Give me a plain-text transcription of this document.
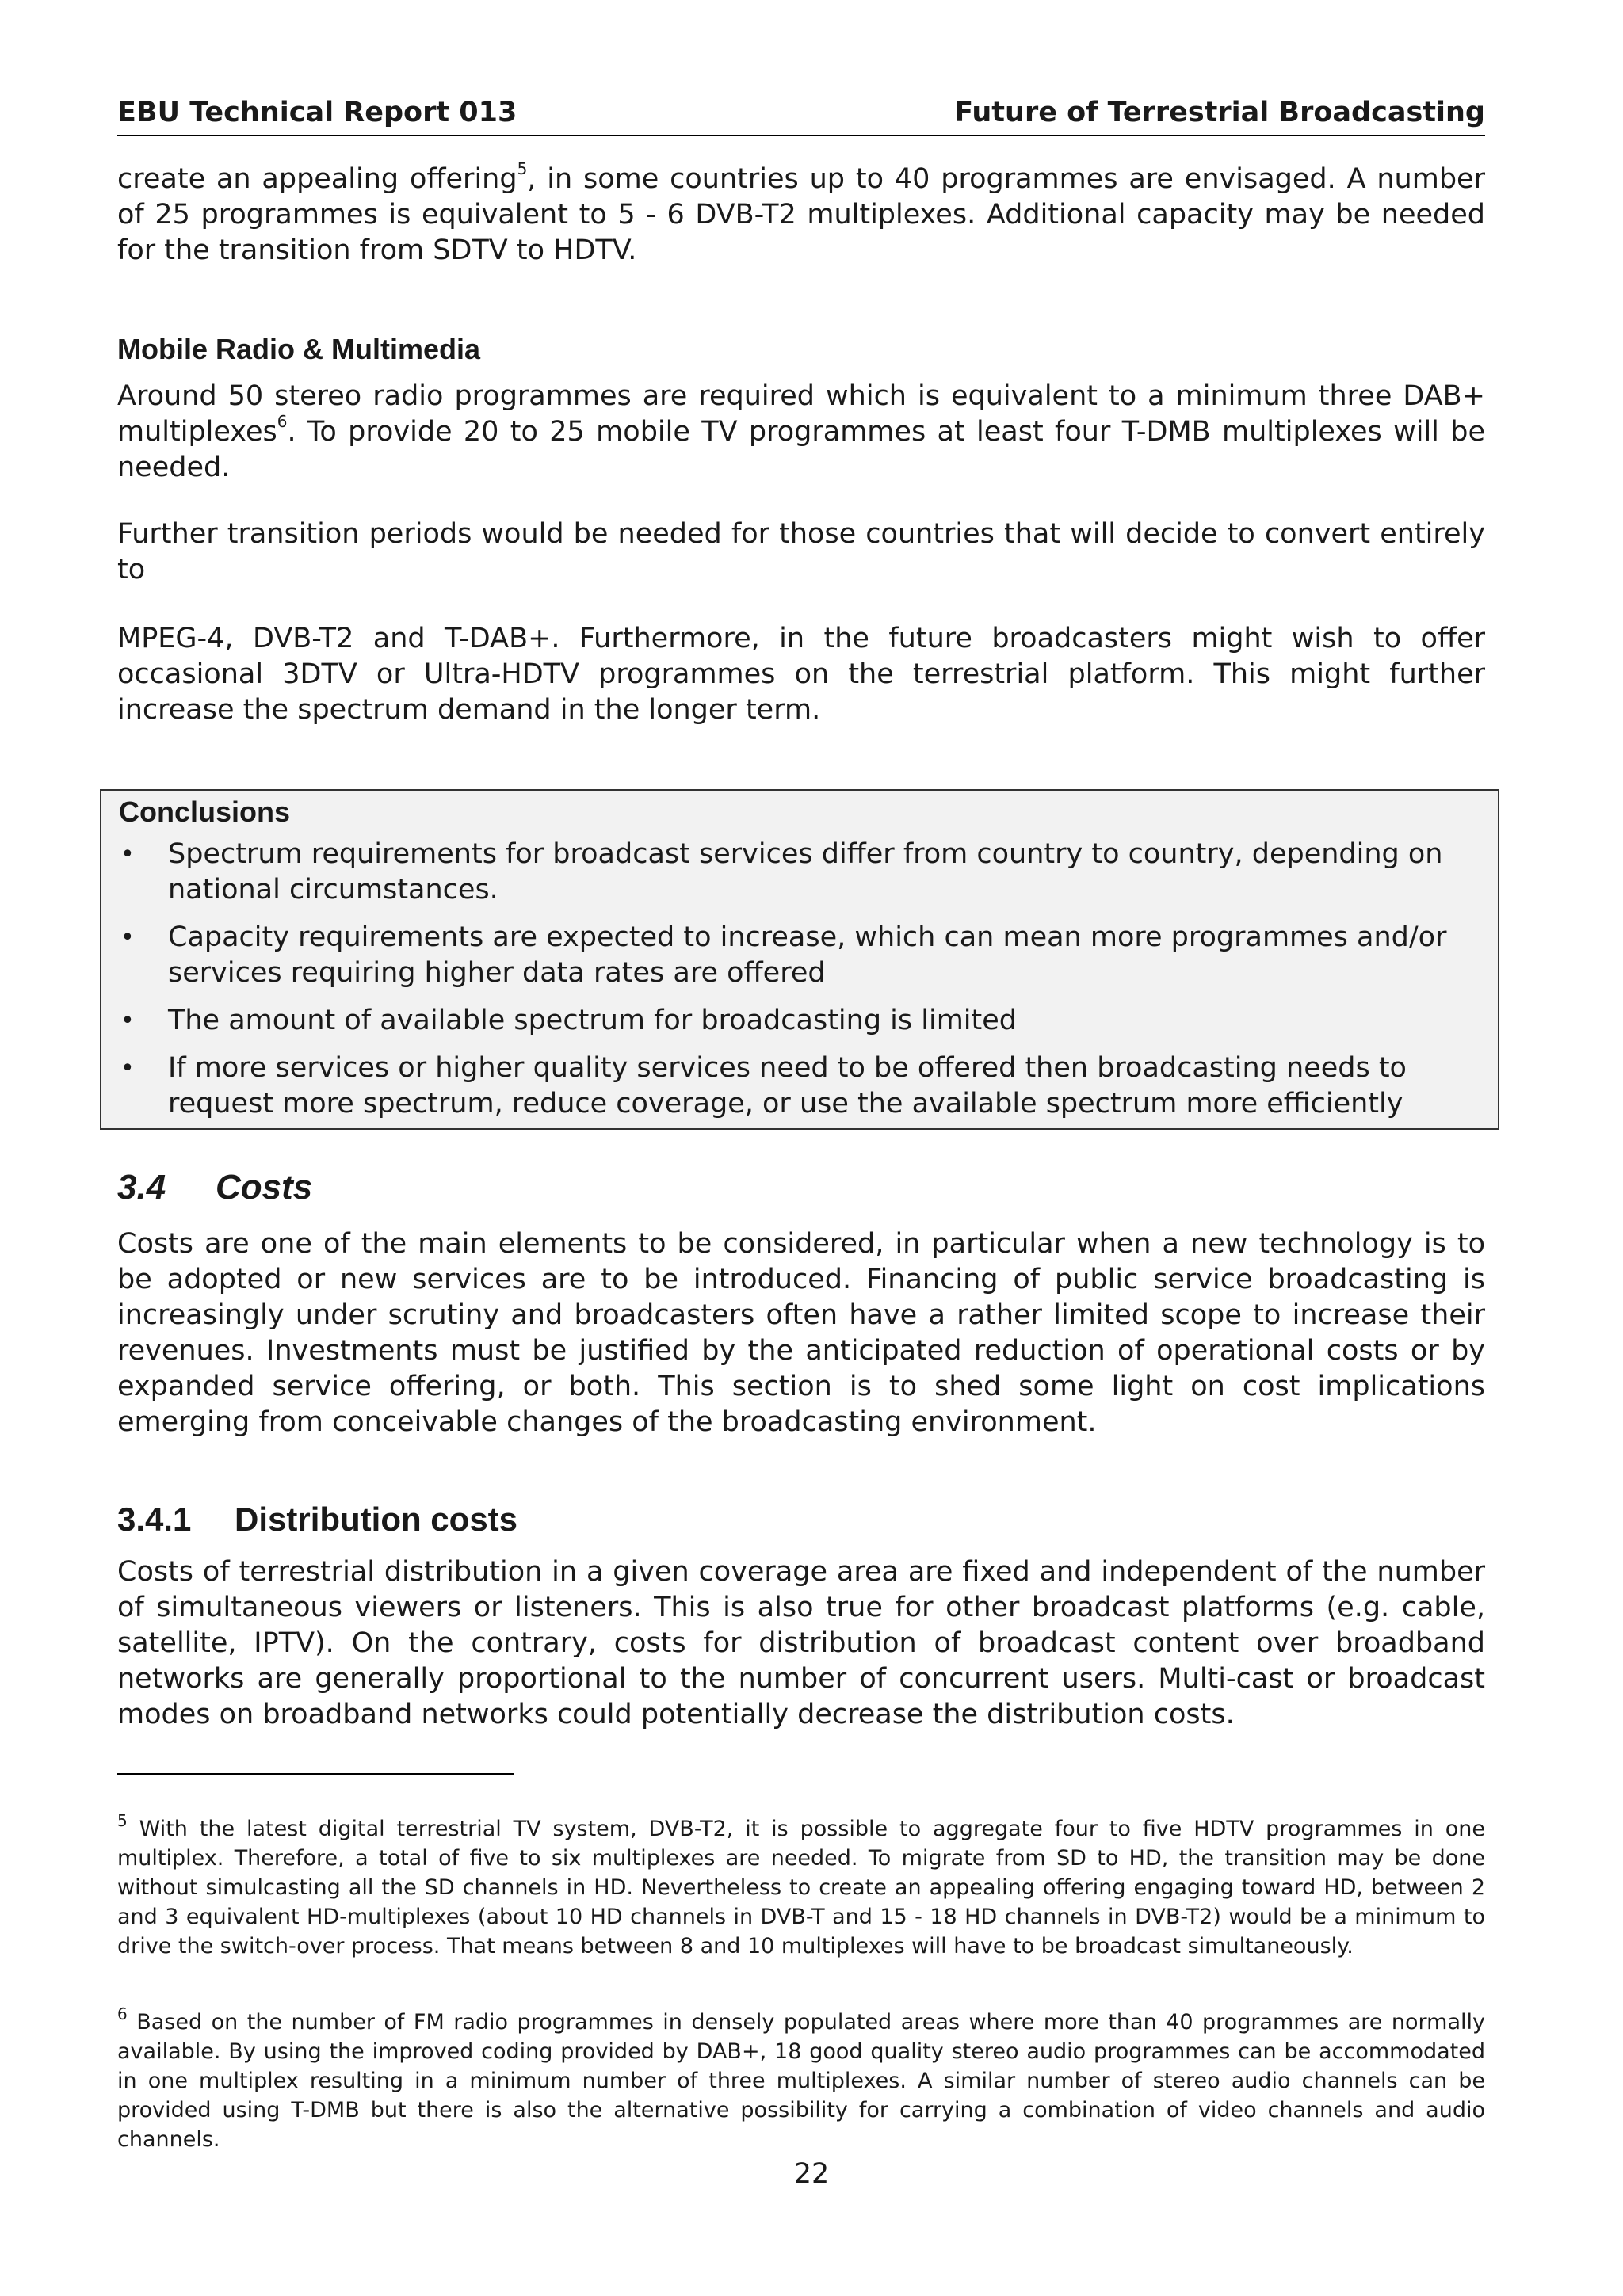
EBU Technical Report 013	Future of Terrestrial Broadcasting

create an appealing offering$^5$, in some countries up to 40 programmes are envisaged. A number of 25 programmes is equivalent to 5 - 6 DVB-T2 multiplexes. Additional capacity may be needed for the transition from SDTV to HDTV.

Mobile Radio & Multimedia

Around 50 stereo radio programmes are required which is equivalent to a minimum three DAB+ multiplexes$^6$. To provide 20 to 25 mobile TV programmes at least four T-DMB multiplexes will be needed.

Further transition periods would be needed for those countries that will decide to convert entirely to

MPEG-4, DVB-T2 and T-DAB+. Furthermore, in the future broadcasters might wish to offer occasional 3DTV or Ultra-HDTV programmes on the terrestrial platform. This might further increase the spectrum demand in the longer term.

Conclusions
• Spectrum requirements for broadcast services differ from country to country, depending on national circumstances.
• Capacity requirements are expected to increase, which can mean more programmes and/or services requiring higher data rates are offered
• The amount of available spectrum for broadcasting is limited
• If more services or higher quality services need to be offered then broadcasting needs to request more spectrum, reduce coverage, or use the available spectrum more efficiently
3.4 Costs

Costs are one of the main elements to be considered, in particular when a new technology is to be adopted or new services are to be introduced. Financing of public service broadcasting is increasingly under scrutiny and broadcasters often have a rather limited scope to increase their revenues. Investments must be justified by the anticipated reduction of operational costs or by expanded service offering, or both. This section is to shed some light on cost implications emerging from conceivable changes of the broadcasting environment.

3.4.1 Distribution costs

Costs of terrestrial distribution in a given coverage area are fixed and independent of the number of simultaneous viewers or listeners. This is also true for other broadcast platforms (e.g. cable, satellite, IPTV). On the contrary, costs for distribution of broadcast content over broadband networks are generally proportional to the number of concurrent users. Multi-cast or broadcast modes on broadband networks could potentially decrease the distribution costs.

$^5$ With the latest digital terrestrial TV system, DVB-T2, it is possible to aggregate four to five HDTV programmes in one multiplex. Therefore, a total of five to six multiplexes are needed. To migrate from SD to HD, the transition may be done without simulcasting all the SD channels in HD. Nevertheless to create an appealing offering engaging toward HD, between 2 and 3 equivalent HD-multiplexes (about 10 HD channels in DVB-T and 15 - 18 HD channels in DVB-T2) would be a minimum to drive the switch-over process. That means between 8 and 10 multiplexes will have to be broadcast simultaneously.
$^6$ Based on the number of FM radio programmes in densely populated areas where more than 40 programmes are normally available. By using the improved coding provided by DAB+, 18 good quality stereo audio programmes can be accommodated in one multiplex resulting in a minimum number of three multiplexes. A similar number of stereo audio channels can be provided using T-DMB but there is also the alternative possibility for carrying a combination of video channels and audio channels.
22
